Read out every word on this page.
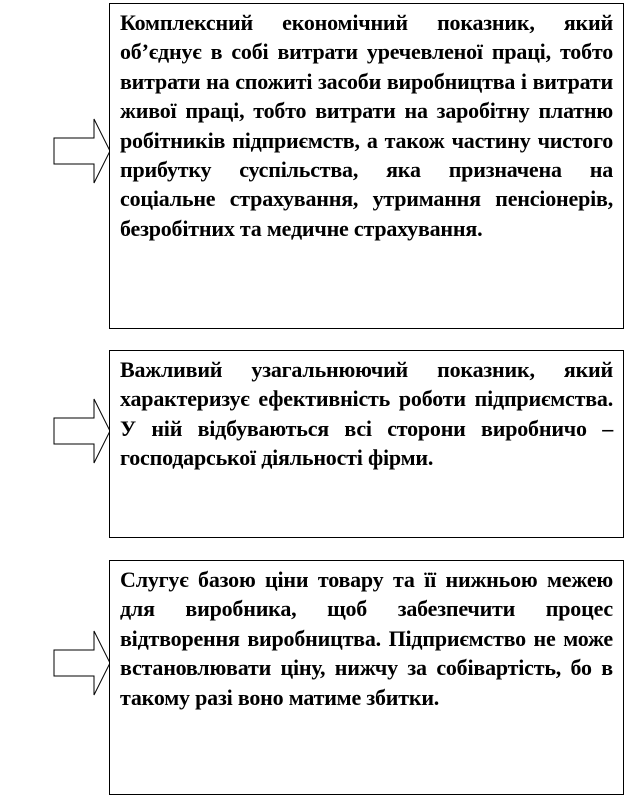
Комплексний економічний показник, який об’єднує в собі витрати уречевленої праці, тобто витрати на спожиті засоби виробництва і витрати живої праці, тобто витрати на заробітну платню робітників підприємств, а також частину чистого прибутку суспільства, яка призначена на соціальне страхування, утримання пенсіонерів, безробітних та медичне страхування.

Важливий узагальнюючий показник, який характеризує ефективність роботи підприємства. У ній відбуваються всі сторони виробничо – господарської діяльності фірми.

Слугує базою ціни товару та її нижньою межею для виробника, щоб забезпечити процес відтворення виробництва. Підприємство не може встановлювати ціну, нижчу за собівартість, бо в такому разі воно матиме збитки.
